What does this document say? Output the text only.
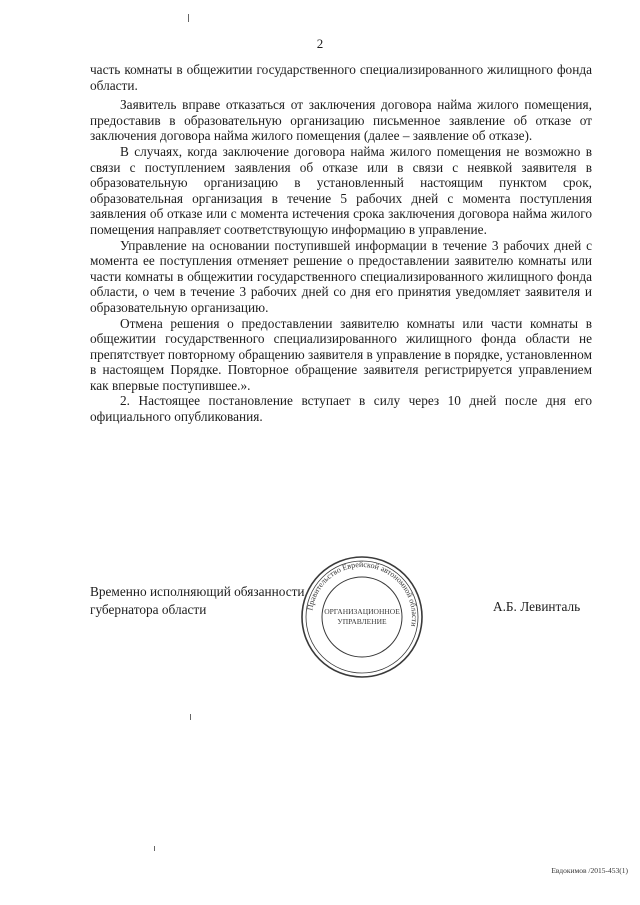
2

часть комнаты в общежитии государственного специализированного жилищного фонда области.

Заявитель вправе отказаться от заключения договора найма жилого помещения, предоставив в образовательную организацию письменное заявление об отказе от заключения договора найма жилого помещения (далее – заявление об отказе).

В случаях, когда заключение договора найма жилого помещения не возможно в связи с поступлением заявления об отказе или в связи с неявкой заявителя в образовательную организацию в установленный настоящим пунктом срок, образовательная организация в течение 5 рабочих дней с момента поступления заявления об отказе или с момента истечения срока заключения договора найма жилого помещения направляет соответствующую информацию в управление.

Управление на основании поступившей информации в течение 3 рабочих дней с момента ее поступления отменяет решение о предоставлении заявителю комнаты или части комнаты в общежитии государственного специализированного жилищного фонда области, о чем в течение 3 рабочих дней со дня его принятия уведомляет заявителя и образовательную организацию.

Отмена решения о предоставлении заявителю комнаты или части комнаты в общежитии государственного специализированного жилищного фонда области не препятствует повторному обращению заявителя в управление в порядке, установленном в настоящем Порядке. Повторное обращение заявителя регистрируется управлением как впервые поступившее.».

2. Настоящее постановление вступает в силу через 10 дней после дня его официального опубликования.

Временно исполняющий обязанности
губернатора области	А.Б. Левинталь
Правительство Еврейской автономной области
ОРГАНИЗАЦИОННОЕ
УПРАВЛЕНИЕ
Евдокимов /2015-453(1)
